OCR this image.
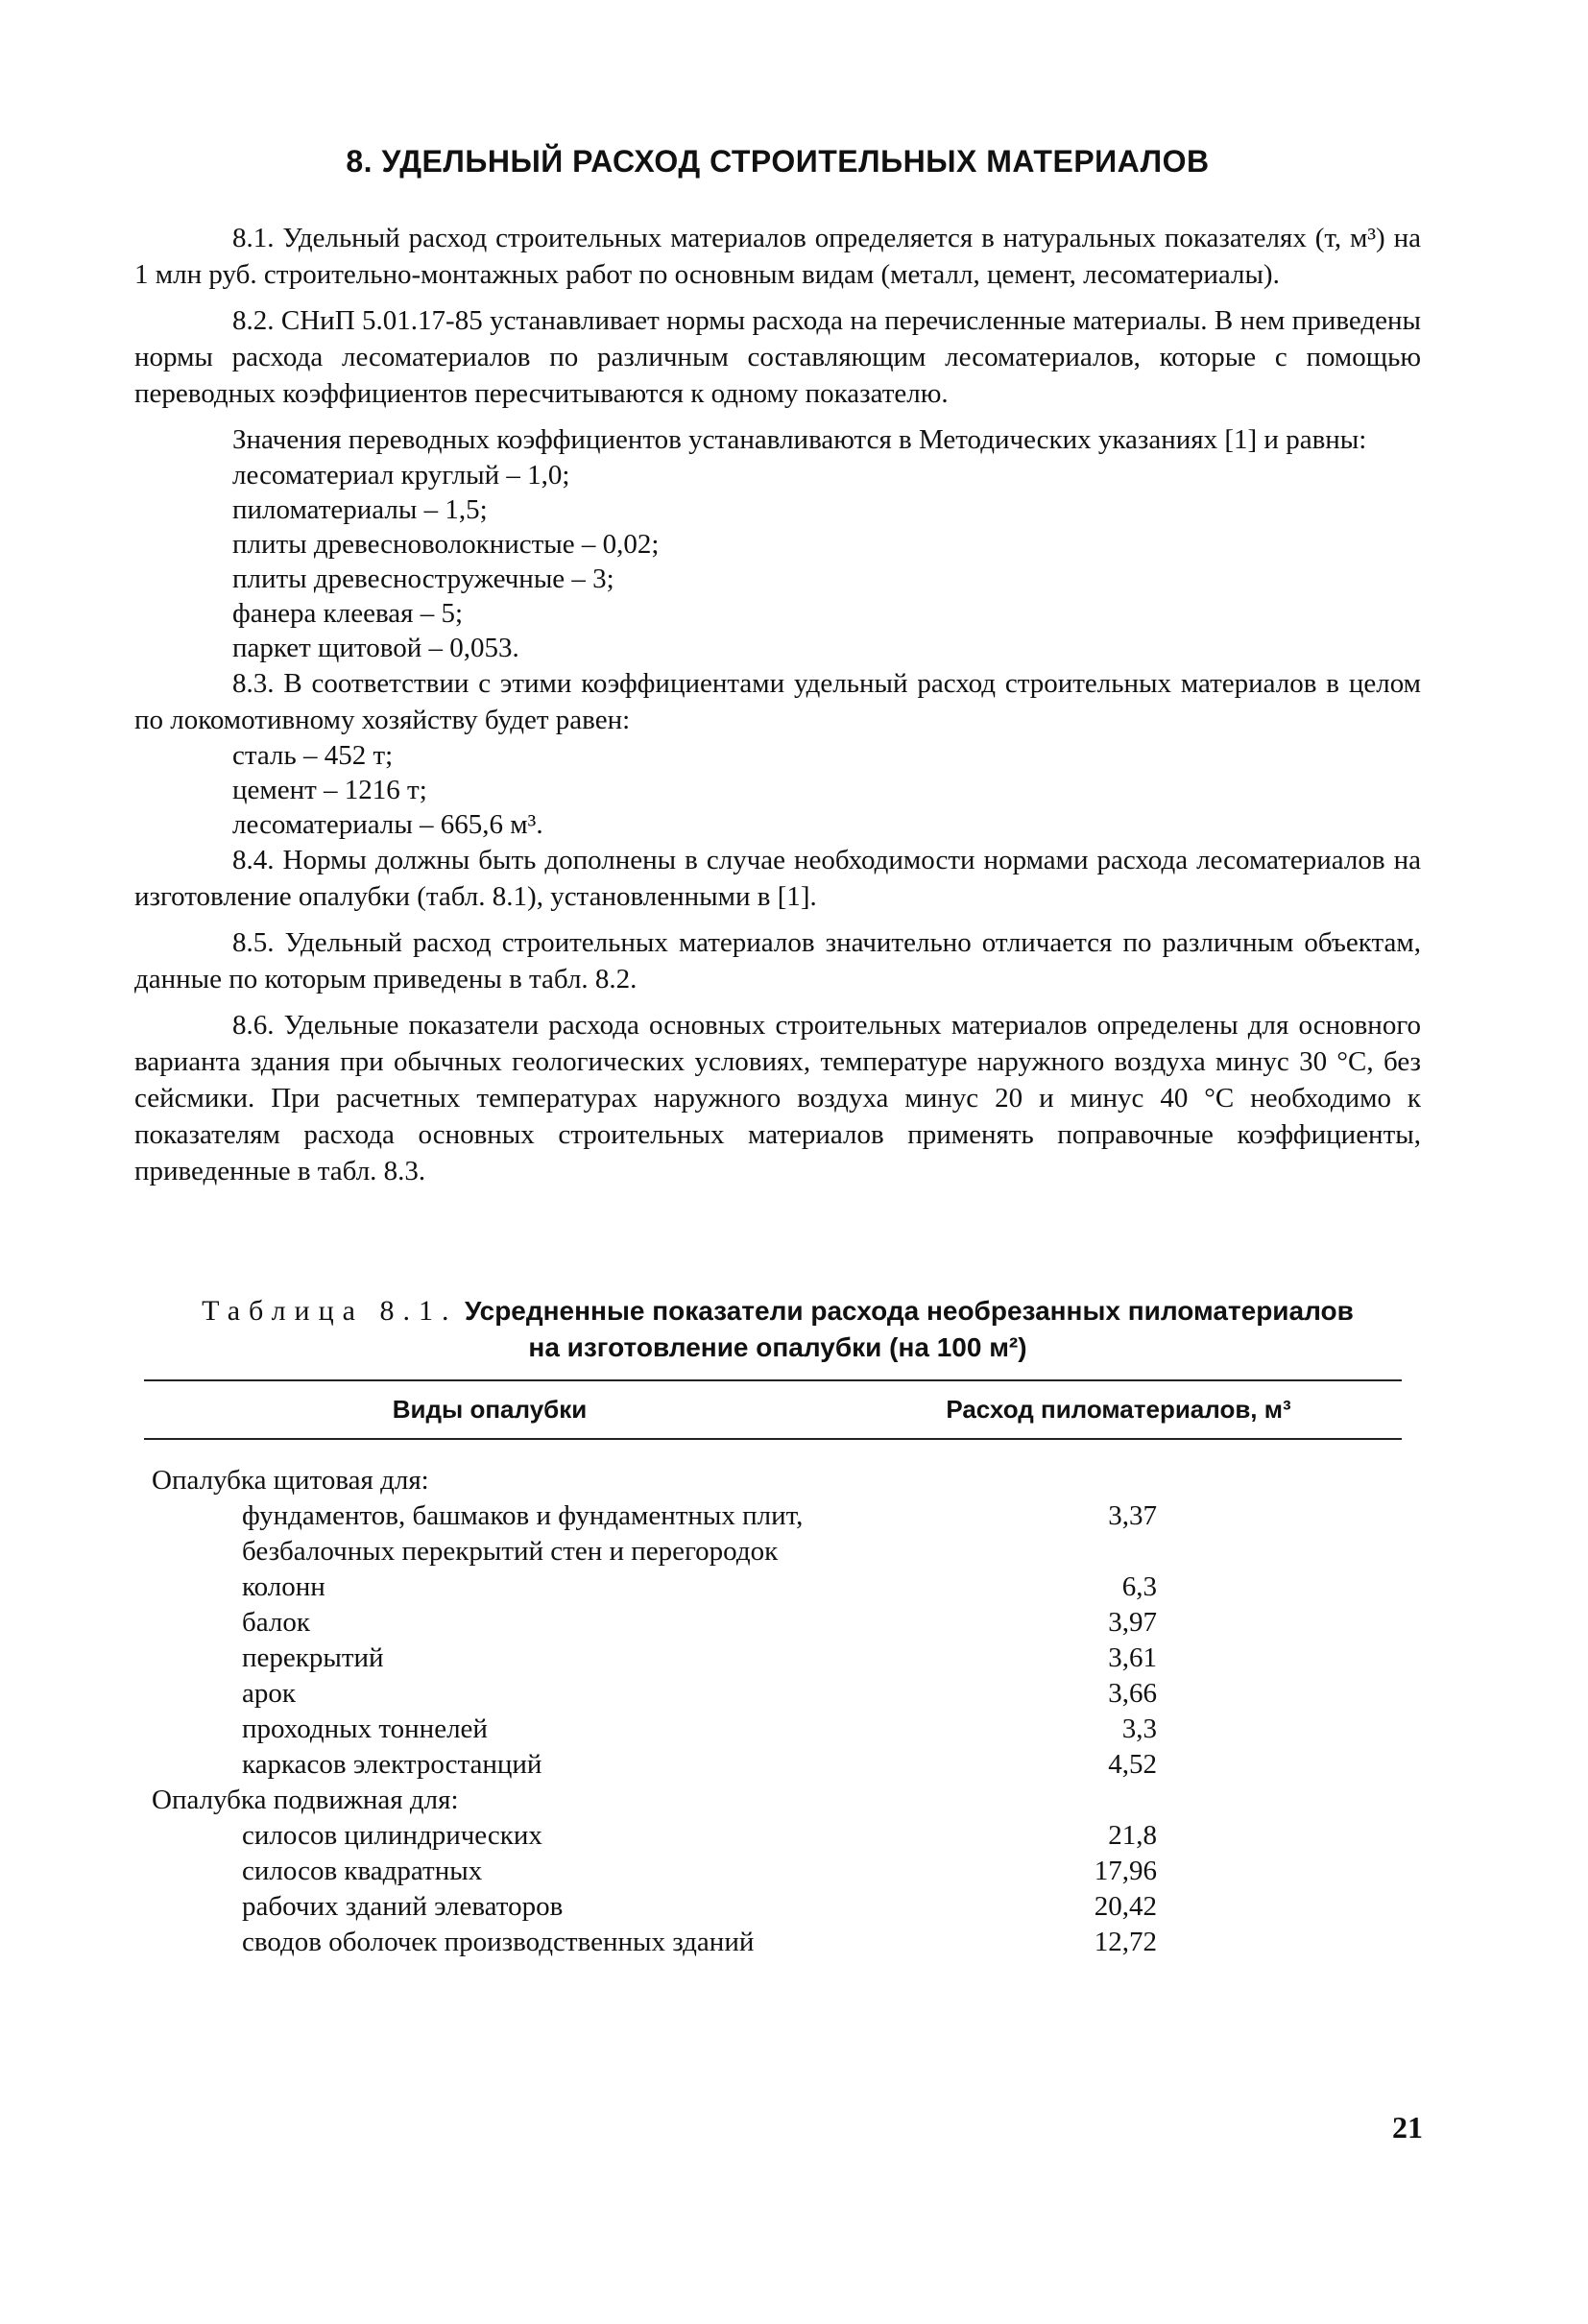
8. УДЕЛЬНЫЙ РАСХОД СТРОИТЕЛЬНЫХ МАТЕРИАЛОВ

8.1. Удельный расход строительных материалов определяется в натуральных показателях (т, м³) на 1 млн руб. строительно-монтажных работ по основным видам (металл, цемент, лесоматериалы).

8.2. СНиП 5.01.17-85 устанавливает нормы расхода на перечисленные материалы. В нем приведены нормы расхода лесоматериалов по различным составляющим лесоматериалов, которые с помощью переводных коэффициентов пересчитываются к одному показателю.

Значения переводных коэффициентов устанавливаются в Методических указаниях [1] и равны:

лесоматериал круглый – 1,0;
пиломатериалы – 1,5;
плиты древесноволокнистые – 0,02;
плиты древесностружечные – 3;
фанера клеевая – 5;
паркет щитовой – 0,053.

8.3. В соответствии с этими коэффициентами удельный расход строительных материалов в целом по локомотивному хозяйству будет равен:

сталь – 452 т;
цемент – 1216 т;
лесоматериалы – 665,6 м³.

8.4. Нормы должны быть дополнены в случае необходимости нормами расхода лесоматериалов на изготовление опалубки (табл. 8.1), установленными в [1].

8.5. Удельный расход строительных материалов значительно отличается по различным объектам, данные по которым приведены в табл. 8.2.

8.6. Удельные показатели расхода основных строительных материалов определены для основного варианта здания при обычных геологических условиях, температуре наружного воздуха минус 30 °С, без сейсмики. При расчетных температурах наружного воздуха минус 20 и минус 40 °С необходимо к показателям расхода основных строительных материалов применять поправочные коэффициенты, приведенные в табл. 8.3.

Таблица 8.1. Усредненные показатели расхода необрезанных пиломатериалов
на изготовление опалубки (на 100 м²)
Виды опалубки	Расход пиломатериалов, м³
Опалубка щитовая для:	
фундаментов, башмаков и фундаментных плит, безбалочных перекрытий стен и перегородок	3,37
колонн	6,3
балок	3,97
перекрытий	3,61
арок	3,66
проходных тоннелей	3,3
каркасов электростанций	4,52
Опалубка подвижная для:	
силосов цилиндрических	21,8
силосов квадратных	17,96
рабочих зданий элеваторов	20,42
сводов оболочек производственных зданий	12,72
21
